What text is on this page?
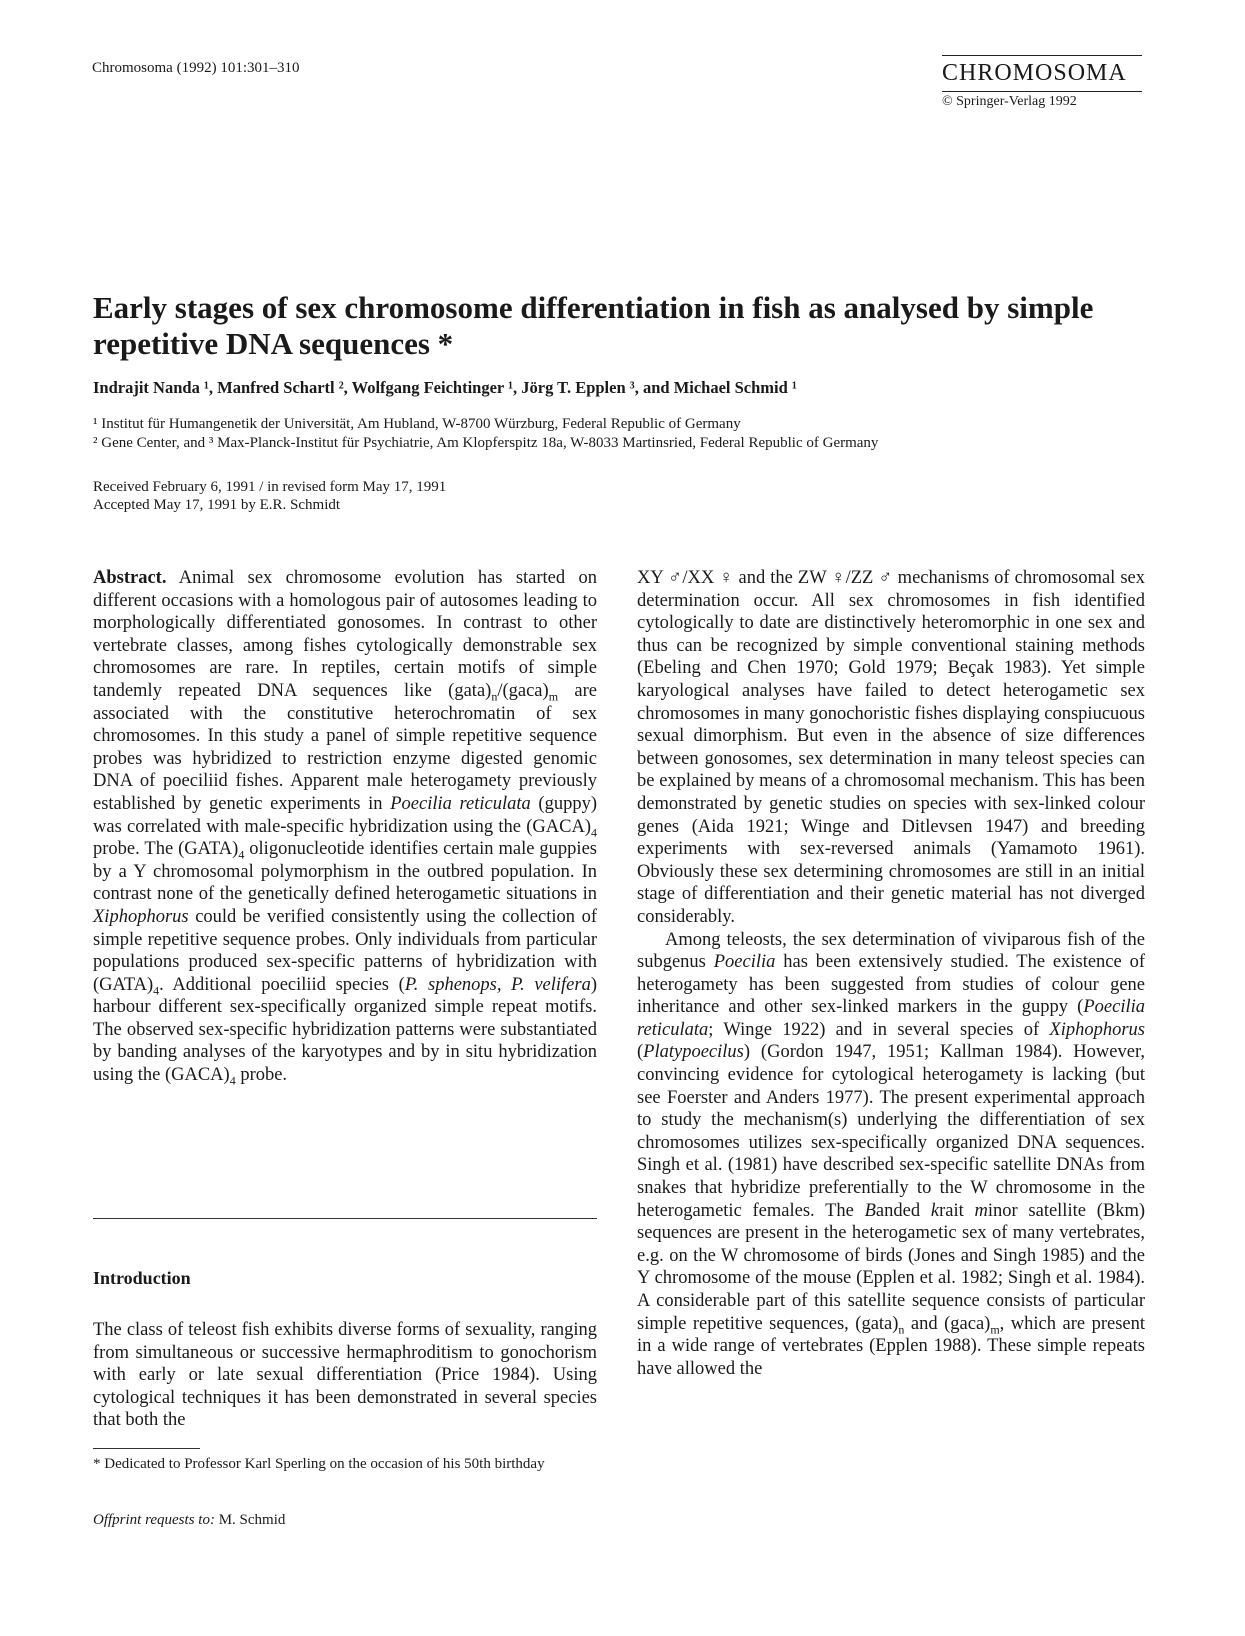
Chromosoma (1992) 101:301–310	CHROMOSOMA
© Springer-Verlag 1992
Early stages of sex chromosome differentiation in fish as analysed by simple repetitive DNA sequences *
Indrajit Nanda ¹, Manfred Schartl ², Wolfgang Feichtinger ¹, Jörg T. Epplen ³, and Michael Schmid ¹
¹ Institut für Humangenetik der Universität, Am Hubland, W-8700 Würzburg, Federal Republic of Germany
² Gene Center, and ³ Max-Planck-Institut für Psychiatrie, Am Klopferspitz 18a, W-8033 Martinsried, Federal Republic of Germany
Received February 6, 1991 / in revised form May 17, 1991
Accepted May 17, 1991 by E.R. Schmidt

Abstract. Animal sex chromosome evolution has started on different occasions with a homologous pair of autosomes leading to morphologically differentiated gonosomes. In contrast to other vertebrate classes, among fishes cytologically demonstrable sex chromosomes are rare. In reptiles, certain motifs of simple tandemly repeated DNA sequences like $(gata)_n/(gaca)_m$ are associated with the constitutive heterochromatin of sex chromosomes. In this study a panel of simple repetitive sequence probes was hybridized to restriction enzyme digested genomic DNA of poeciliid fishes. Apparent male heterogamety previously established by genetic experiments in Poecilia reticulata (guppy) was correlated with male-specific hybridization using the $(GACA)_4$ probe. The $(GATA)_4$ oligonucleotide identifies certain male guppies by a Y chromosomal polymorphism in the outbred population. In contrast none of the genetically defined heterogametic situations in Xiphophorus could be verified consistently using the collection of simple repetitive sequence probes. Only individuals from particular populations produced sex-specific patterns of hybridization with $(GATA)_4$. Additional poeciliid species (P. sphenops, P. velifera) harbour different sex-specifically organized simple repeat motifs. The observed sex-specific hybridization patterns were substantiated by banding analyses of the karyotypes and by in situ hybridization using the $(GACA)_4$ probe.

Introduction
The class of teleost fish exhibits diverse forms of sexuality, ranging from simultaneous or successive hermaphroditism to gonochorism with early or late sexual differentiation (Price 1984). Using cytological techniques it has been demonstrated in several species that both the
* Dedicated to Professor Karl Sperling on the occasion of his 50th birthday
Offprint requests to: M. Schmid

XY ♂/XX ♀ and the ZW ♀/ZZ ♂ mechanisms of chromosomal sex determination occur. All sex chromosomes in fish identified cytologically to date are distinctively heteromorphic in one sex and thus can be recognized by simple conventional staining methods (Ebeling and Chen 1970; Gold 1979; Beçak 1983). Yet simple karyological analyses have failed to detect heterogametic sex chromosomes in many gonochoristic fishes displaying conspiucuous sexual dimorphism. But even in the absence of size differences between gonosomes, sex determination in many teleost species can be explained by means of a chromosomal mechanism. This has been demonstrated by genetic studies on species with sex-linked colour genes (Aida 1921; Winge and Ditlevsen 1947) and breeding experiments with sex-reversed animals (Yamamoto 1961). Obviously these sex determining chromosomes are still in an initial stage of differentiation and their genetic material has not diverged considerably.

Among teleosts, the sex determination of viviparous fish of the subgenus Poecilia has been extensively studied. The existence of heterogamety has been suggested from studies of colour gene inheritance and other sex-linked markers in the guppy (Poecilia reticulata; Winge 1922) and in several species of Xiphophorus (Platypoecilus) (Gordon 1947, 1951; Kallman 1984). However, convincing evidence for cytological heterogamety is lacking (but see Foerster and Anders 1977). The present experimental approach to study the mechanism(s) underlying the differentiation of sex chromosomes utilizes sex-specifically organized DNA sequences. Singh et al. (1981) have described sex-specific satellite DNAs from snakes that hybridize preferentially to the W chromosome in the heterogametic females. The Banded krait minor satellite (Bkm) sequences are present in the heterogametic sex of many vertebrates, e.g. on the W chromosome of birds (Jones and Singh 1985) and the Y chromosome of the mouse (Epplen et al. 1982; Singh et al. 1984). A considerable part of this satellite sequence consists of particular simple repetitive sequences, $(gata)_n$ and $(gaca)_m$, which are present in a wide range of vertebrates (Epplen 1988). These simple repeats have allowed the
